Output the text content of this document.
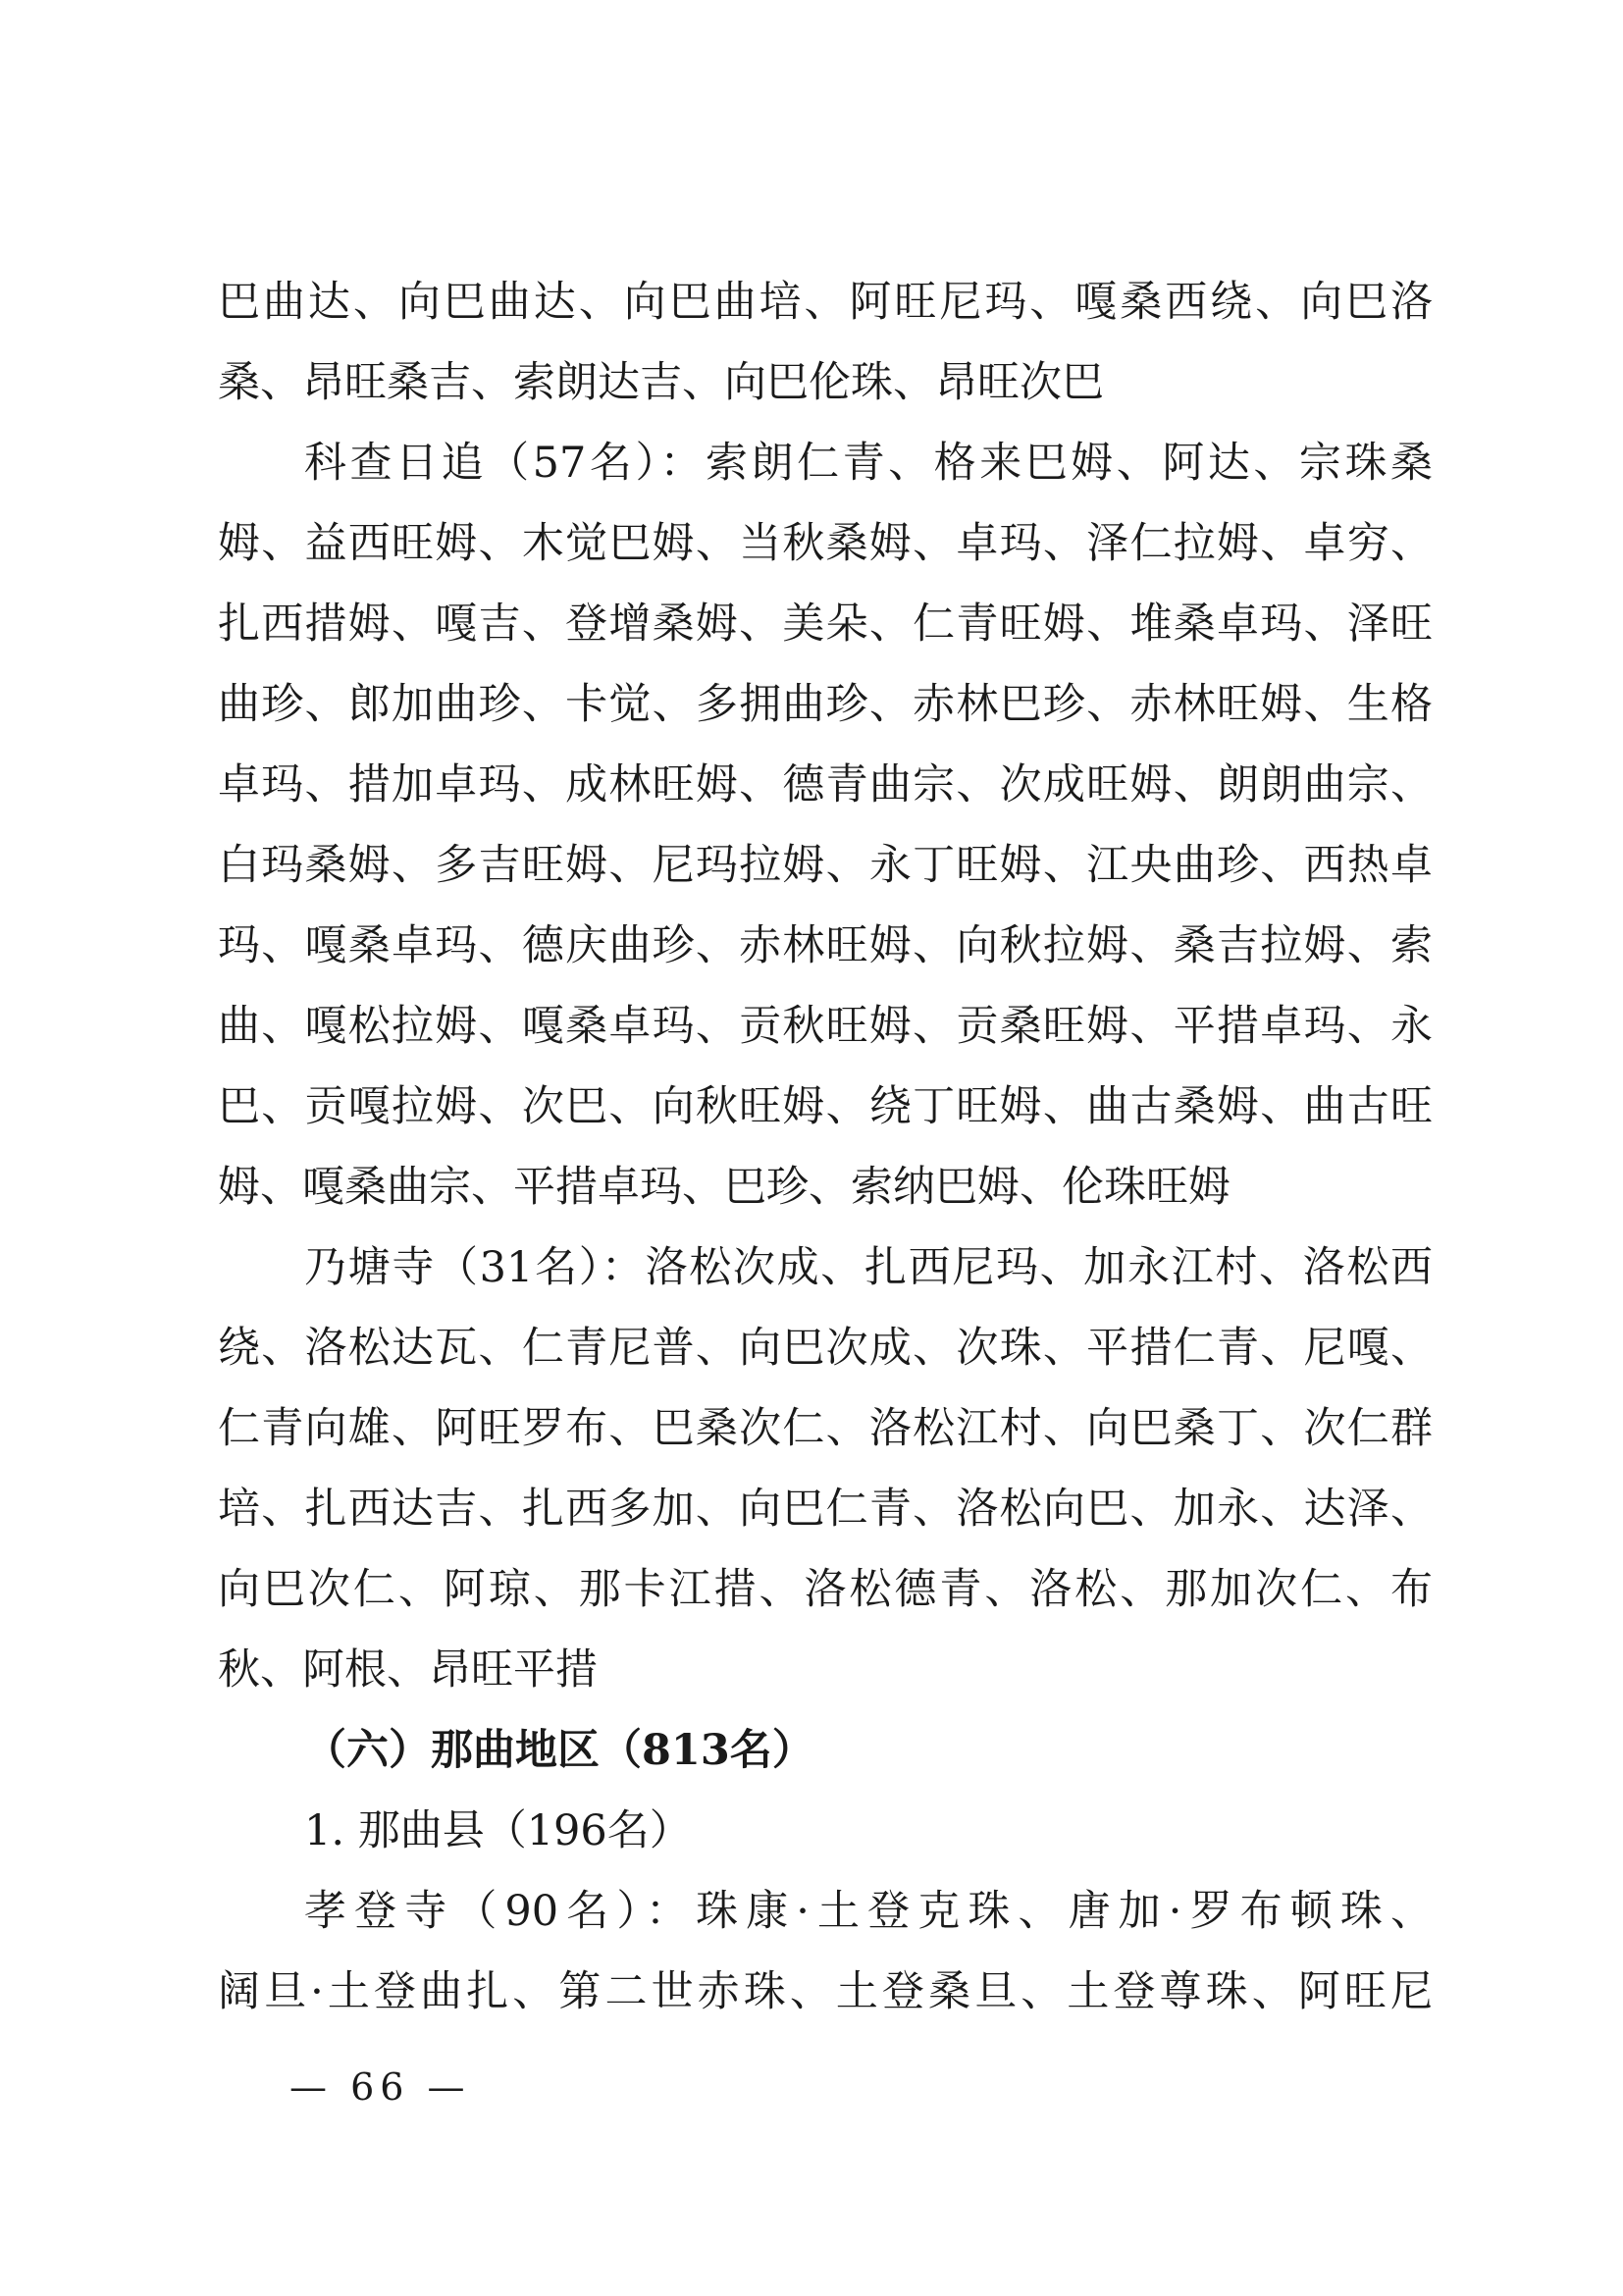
巴曲达、向巴曲达、向巴曲培、阿旺尼玛、嘎桑西绕、向巴洛
桑、昂旺桑吉、索朗达吉、向巴伦珠、昂旺次巴
科查日追（57名）：索朗仁青、格来巴姆、阿达、宗珠桑
姆、益西旺姆、木觉巴姆、当秋桑姆、卓玛、泽仁拉姆、卓穷、
扎西措姆、嘎吉、登增桑姆、美朵、仁青旺姆、堆桑卓玛、泽旺
曲珍、郎加曲珍、卡觉、多拥曲珍、赤林巴珍、赤林旺姆、生格
卓玛、措加卓玛、成林旺姆、德青曲宗、次成旺姆、朗朗曲宗、
白玛桑姆、多吉旺姆、尼玛拉姆、永丁旺姆、江央曲珍、西热卓
玛、嘎桑卓玛、德庆曲珍、赤林旺姆、向秋拉姆、桑吉拉姆、索
曲、嘎松拉姆、嘎桑卓玛、贡秋旺姆、贡桑旺姆、平措卓玛、永
巴、贡嘎拉姆、次巴、向秋旺姆、绕丁旺姆、曲古桑姆、曲古旺
姆、嘎桑曲宗、平措卓玛、巴珍、索纳巴姆、伦珠旺姆
乃塘寺（31名）：洛松次成、扎西尼玛、加永江村、洛松西
绕、洛松达瓦、仁青尼普、向巴次成、次珠、平措仁青、尼嘎、
仁青向雄、阿旺罗布、巴桑次仁、洛松江村、向巴桑丁、次仁群
培、扎西达吉、扎西多加、向巴仁青、洛松向巴、加永、达泽、
向巴次仁、阿琼、那卡江措、洛松德青、洛松、那加次仁、布
秋、阿根、昂旺平措
（六）那曲地区（813名）
1. 那曲县（196名）
孝登寺（90名）：珠康·土登克珠、唐加·罗布顿珠、
阔旦·土登曲扎、第二世赤珠、土登桑旦、土登尊珠、阿旺尼
— 66 —
